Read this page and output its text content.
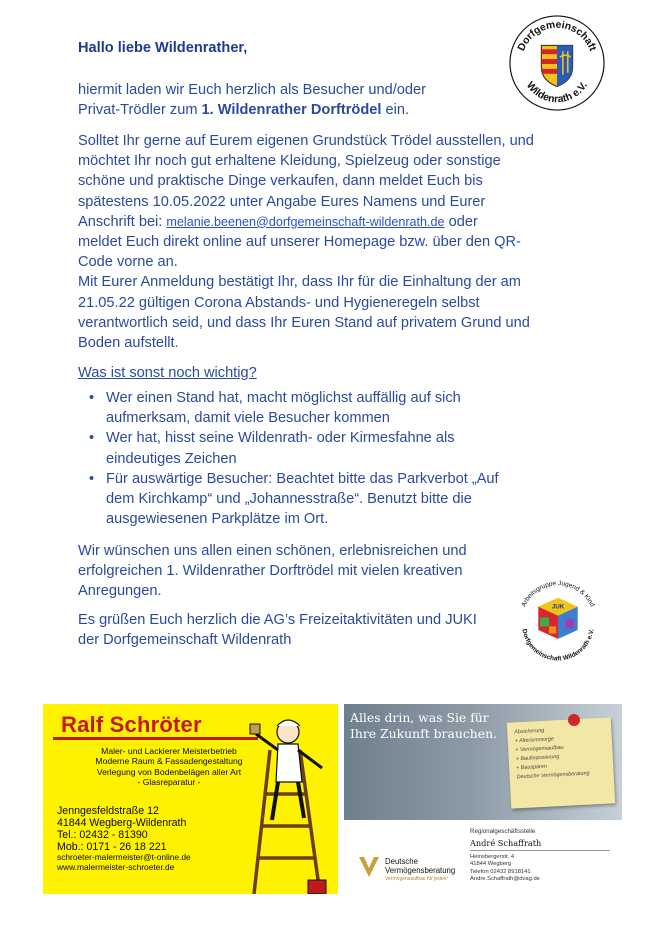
Hallo liebe Wildenrather,
hiermit laden wir Euch herzlich als Besucher und/oder
Privat-Trödler zum 1. Wildenrather Dorftrödel ein.
Solltet Ihr gerne auf Eurem eigenen Grundstück Trödel ausstellen, und
möchtet Ihr noch gut erhaltene Kleidung, Spielzeug oder sonstige
schöne und praktische Dinge verkaufen, dann meldet Euch bis
spätestens 10.05.2022 unter Angabe Eures Namens und Eurer
Anschrift bei: melanie.beenen@dorfgemeinschaft-wildenrath.de oder
meldet Euch direkt online auf unserer Homepage bzw. über den QR-
Code vorne an.
Mit Eurer Anmeldung bestätigt Ihr, dass Ihr für die Einhaltung der am
21.05.22 gültigen Corona Abstands- und Hygieneregeln selbst
verantwortlich seid, und dass Ihr Euren Stand auf privatem Grund und
Boden aufstellt.
Was ist sonst noch wichtig?
• Wer einen Stand hat, macht möglichst auffällig auf sich
aufmerksam, damit viele Besucher kommen
• Wer hat, hisst seine Wildenrath- oder Kirmesfahne als
eindeutiges Zeichen
• Für auswärtige Besucher: Beachtet bitte das Parkverbot „Auf
dem Kirchkamp“ und „Johannesstraße“. Benutzt bitte die
ausgewiesenen Parkplätze im Ort.
Wir wünschen uns allen einen schönen, erlebnisreichen und
erfolgreichen 1. Wildenrather Dorftrödel mit vielen kreativen
Anregungen.
Es grüßen Euch herzlich die AG’s Freizeitaktivitäten und JUKI
der Dorfgemeinschaft Wildenrath
Dorfgemeinschaft
Wildenrath e.V.
Arbeitsgruppe Jugend & Kind
Dorfgemeinschaft Wildenrath e.V.
JUK
Ralf Schröter
Maler- und Lackierer Meisterbetrieb
Moderne Raum & Fassadengestaltung
Verlegung von Bodenbelägen aller Art
- Glasreparatur -
Jenngesfeldstraße 12
41844 Wegberg-Wildenrath
Tel.: 02432 - 81390
Mob.: 0171 - 26 18 221
schroeter-malermeister@t-online.de
www.malermeister-schroeter.de
Alles drin, was Sie für Ihre Zukunft brauchen.	Absicherung
+ Altersvorsorge
+ Vermögensaufbau
+ Baufinanzierung
+ Bausparen
Deutsche Vermögensberatung
Deutsche
Vermögensberatung
Vermögensaufbau für jeden!
Regionalgeschäftsstelle
André Schaffrath
Heinsbergerstr. 4
41844 Wegberg
Telefon 02432 8918141
Andre.Schaffrath@dvag.de
